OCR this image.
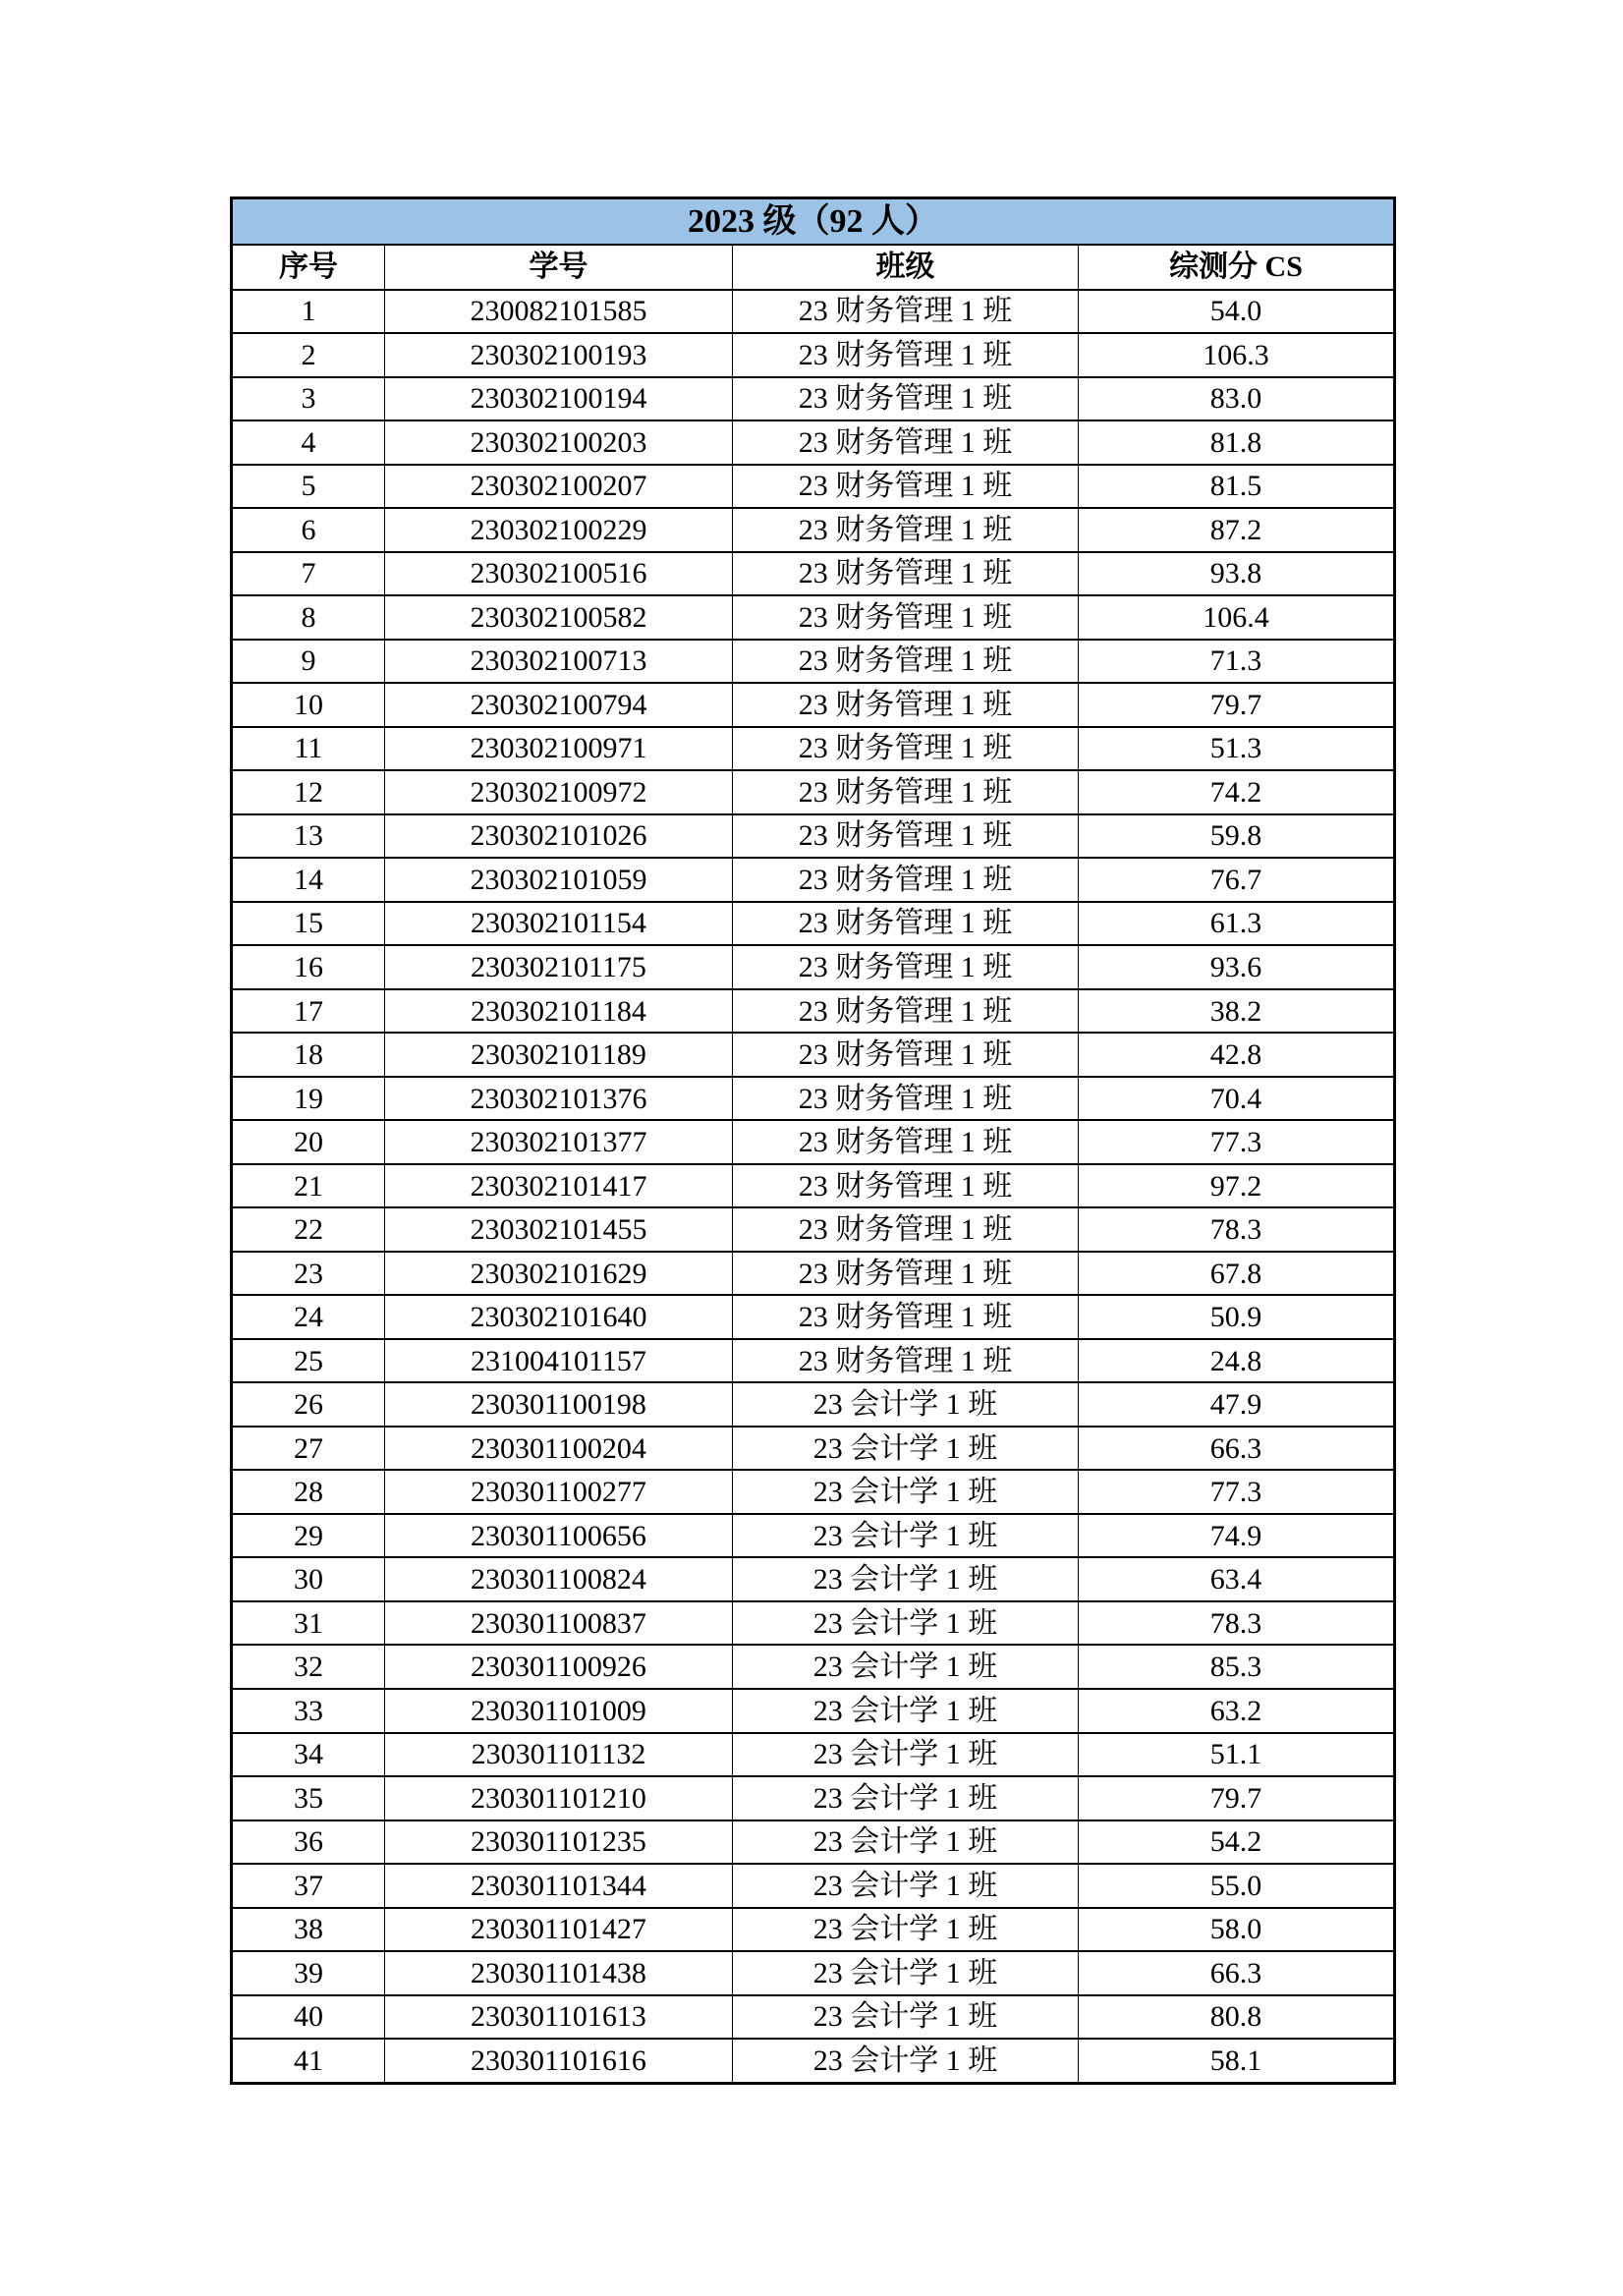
2023 级（92 人）			
序号	学号	班级	综测分 CS
1	230082101585	23 财务管理 1 班	54.0
2	230302100193	23 财务管理 1 班	106.3
3	230302100194	23 财务管理 1 班	83.0
4	230302100203	23 财务管理 1 班	81.8
5	230302100207	23 财务管理 1 班	81.5
6	230302100229	23 财务管理 1 班	87.2
7	230302100516	23 财务管理 1 班	93.8
8	230302100582	23 财务管理 1 班	106.4
9	230302100713	23 财务管理 1 班	71.3
10	230302100794	23 财务管理 1 班	79.7
11	230302100971	23 财务管理 1 班	51.3
12	230302100972	23 财务管理 1 班	74.2
13	230302101026	23 财务管理 1 班	59.8
14	230302101059	23 财务管理 1 班	76.7
15	230302101154	23 财务管理 1 班	61.3
16	230302101175	23 财务管理 1 班	93.6
17	230302101184	23 财务管理 1 班	38.2
18	230302101189	23 财务管理 1 班	42.8
19	230302101376	23 财务管理 1 班	70.4
20	230302101377	23 财务管理 1 班	77.3
21	230302101417	23 财务管理 1 班	97.2
22	230302101455	23 财务管理 1 班	78.3
23	230302101629	23 财务管理 1 班	67.8
24	230302101640	23 财务管理 1 班	50.9
25	231004101157	23 财务管理 1 班	24.8
26	230301100198	23 会计学 1 班	47.9
27	230301100204	23 会计学 1 班	66.3
28	230301100277	23 会计学 1 班	77.3
29	230301100656	23 会计学 1 班	74.9
30	230301100824	23 会计学 1 班	63.4
31	230301100837	23 会计学 1 班	78.3
32	230301100926	23 会计学 1 班	85.3
33	230301101009	23 会计学 1 班	63.2
34	230301101132	23 会计学 1 班	51.1
35	230301101210	23 会计学 1 班	79.7
36	230301101235	23 会计学 1 班	54.2
37	230301101344	23 会计学 1 班	55.0
38	230301101427	23 会计学 1 班	58.0
39	230301101438	23 会计学 1 班	66.3
40	230301101613	23 会计学 1 班	80.8
41	230301101616	23 会计学 1 班	58.1
